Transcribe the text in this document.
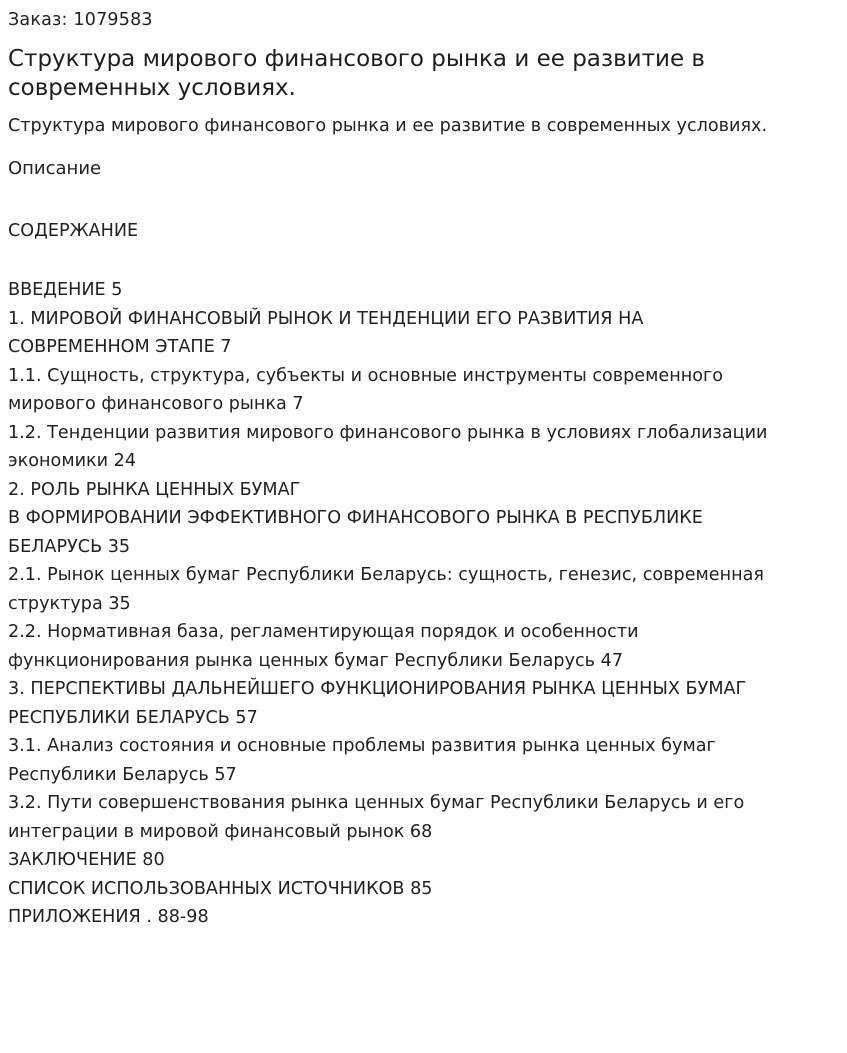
Заказ: 1079583

Структура мирового финансового рынка и ее развитие в современных условиях.

Структура мирового финансового рынка и ее развитие в современных условиях.

Описание

СОДЕРЖАНИЕ

ВВЕДЕНИЕ 5
1. МИРОВОЙ ФИНАНСОВЫЙ РЫНОК И ТЕНДЕНЦИИ ЕГО РАЗВИТИЯ НА
СОВРЕМЕННОМ ЭТАПЕ 7
1.1. Сущность, структура, субъекты и основные инструменты современного
мирового финансового рынка 7
1.2. Тенденции развития мирового финансового рынка в условиях глобализации
экономики 24
2. РОЛЬ РЫНКА ЦЕННЫХ БУМАГ
В ФОРМИРОВАНИИ ЭФФЕКТИВНОГО ФИНАНСОВОГО РЫНКА В РЕСПУБЛИКЕ
БЕЛАРУСЬ 35
2.1. Рынок ценных бумаг Республики Беларусь: сущность, генезис, современная
структура 35
2.2. Нормативная база, регламентирующая порядок и особенности
функционирования рынка ценных бумаг Республики Беларусь 47
3. ПЕРСПЕКТИВЫ ДАЛЬНЕЙШЕГО ФУНКЦИОНИРОВАНИЯ РЫНКА ЦЕННЫХ БУМАГ
РЕСПУБЛИКИ БЕЛАРУСЬ 57
3.1. Анализ состояния и основные проблемы развития рынка ценных бумаг
Республики Беларусь 57
3.2. Пути совершенствования рынка ценных бумаг Республики Беларусь и его
интеграции в мировой финансовый рынок 68
ЗАКЛЮЧЕНИЕ 80
СПИСОК ИСПОЛЬЗОВАННЫХ ИСТОЧНИКОВ 85
ПРИЛОЖЕНИЯ . 88-98
